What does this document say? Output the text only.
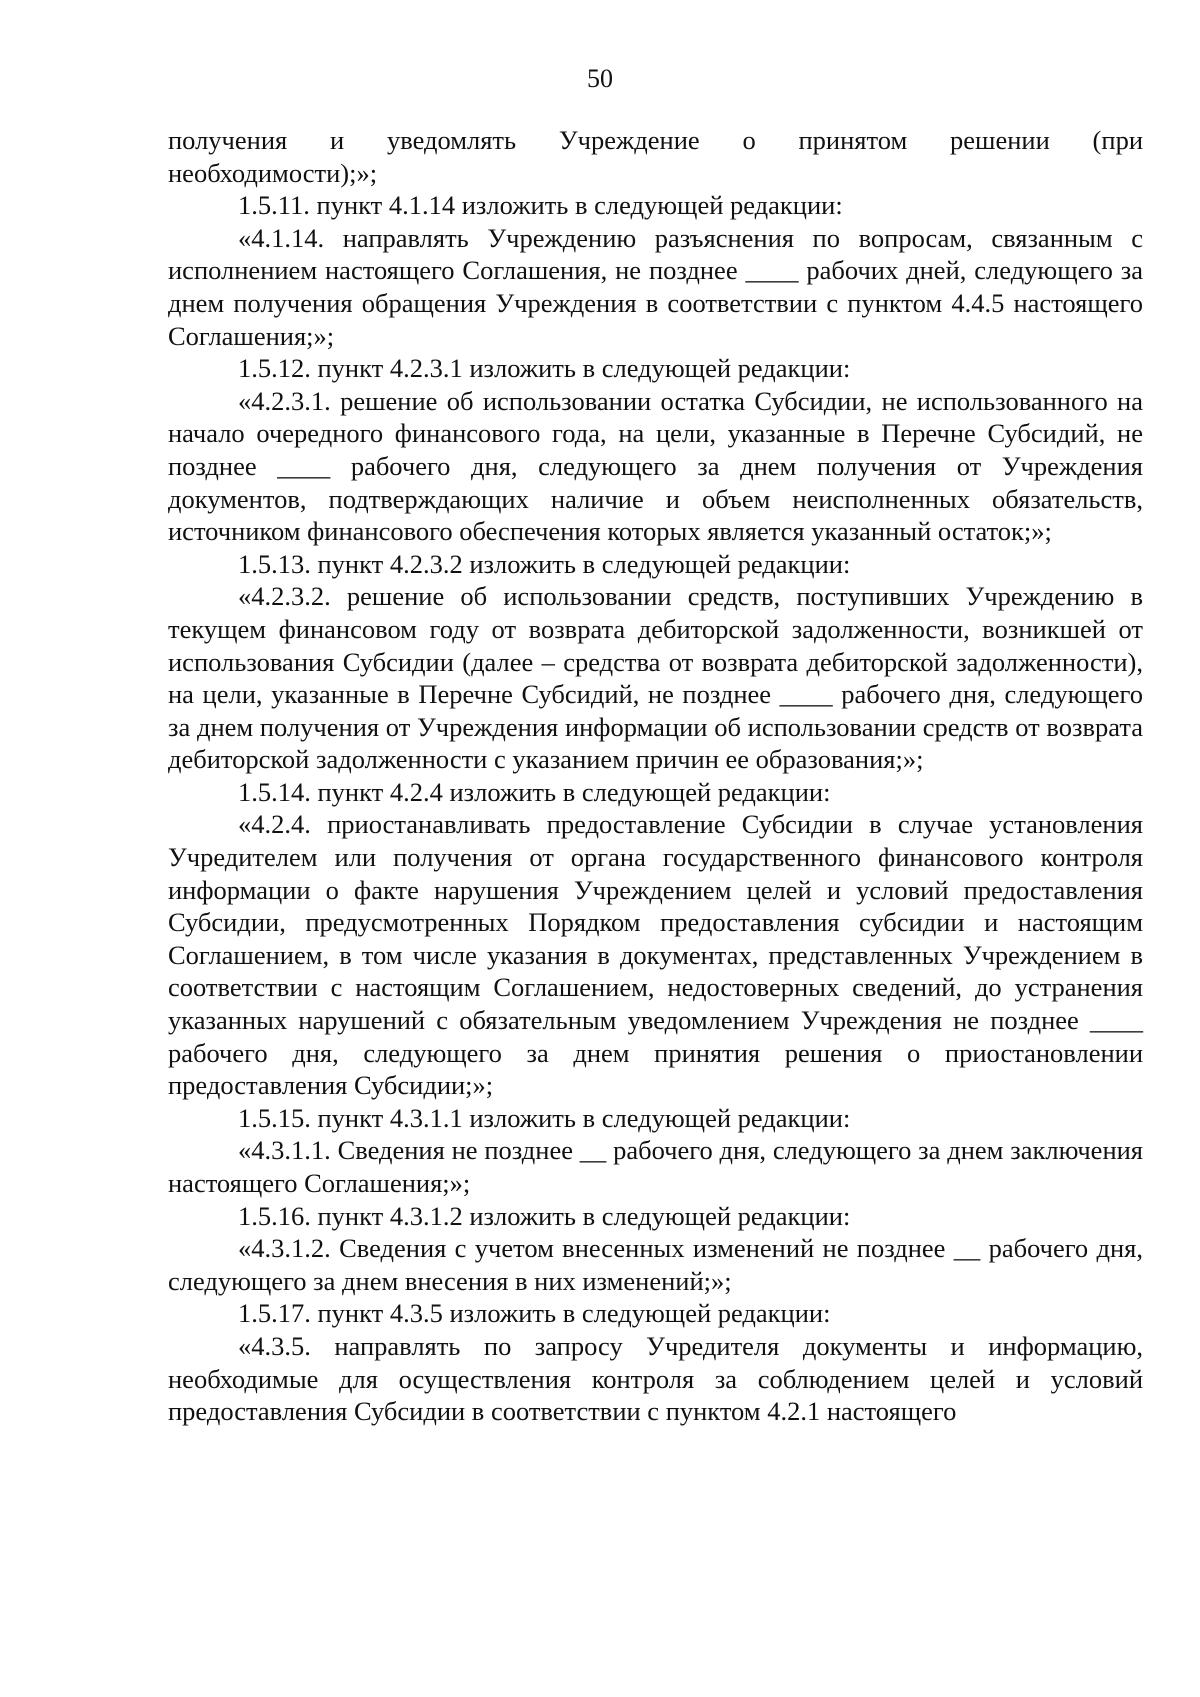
50

получения и уведомлять Учреждение о принятом решении (при необходимости);»;

1.5.11. пункт 4.1.14 изложить в следующей редакции:

«4.1.14. направлять Учреждению разъяснения по вопросам, связанным с исполнением настоящего Соглашения, не позднее ____ рабочих дней, следующего за днем получения обращения Учреждения в соответствии с пунктом 4.4.5 настоящего Соглашения;»;

1.5.12. пункт 4.2.3.1 изложить в следующей редакции:

«4.2.3.1. решение об использовании остатка Субсидии, не использованного на начало очередного финансового года, на цели, указанные в Перечне Субсидий, не позднее ____ рабочего дня, следующего за днем получения от Учреждения документов, подтверждающих наличие и объем неисполненных обязательств, источником финансового обеспечения которых является указанный остаток;»;

1.5.13. пункт 4.2.3.2 изложить в следующей редакции:

«4.2.3.2. решение об использовании средств, поступивших Учреждению в текущем финансовом году от возврата дебиторской задолженности, возникшей от использования Субсидии (далее – средства от возврата дебиторской задолженности), на цели, указанные в Перечне Субсидий, не позднее ____ рабочего дня, следующего за днем получения от Учреждения информации об использовании средств от возврата дебиторской задолженности с указанием причин ее образования;»;

1.5.14. пункт 4.2.4 изложить в следующей редакции:

«4.2.4. приостанавливать предоставление Субсидии в случае установления Учредителем или получения от органа государственного финансового контроля информации о факте нарушения Учреждением целей и условий предоставления Субсидии, предусмотренных Порядком предоставления субсидии и настоящим Соглашением, в том числе указания в документах, представленных Учреждением в соответствии с настоящим Соглашением, недостоверных сведений, до устранения указанных нарушений с обязательным уведомлением Учреждения не позднее ____ рабочего дня, следующего за днем принятия решения о приостановлении предоставления Субсидии;»;

1.5.15. пункт 4.3.1.1 изложить в следующей редакции:

«4.3.1.1. Сведения не позднее __ рабочего дня, следующего за днем заключения настоящего Соглашения;»;

1.5.16. пункт 4.3.1.2 изложить в следующей редакции:

«4.3.1.2. Сведения с учетом внесенных изменений не позднее __ рабочего дня, следующего за днем внесения в них изменений;»;

1.5.17. пункт 4.3.5 изложить в следующей редакции:

«4.3.5. направлять по запросу Учредителя документы и информацию, необходимые для осуществления контроля за соблюдением целей и условий предоставления Субсидии в соответствии с пунктом 4.2.1 настоящего
